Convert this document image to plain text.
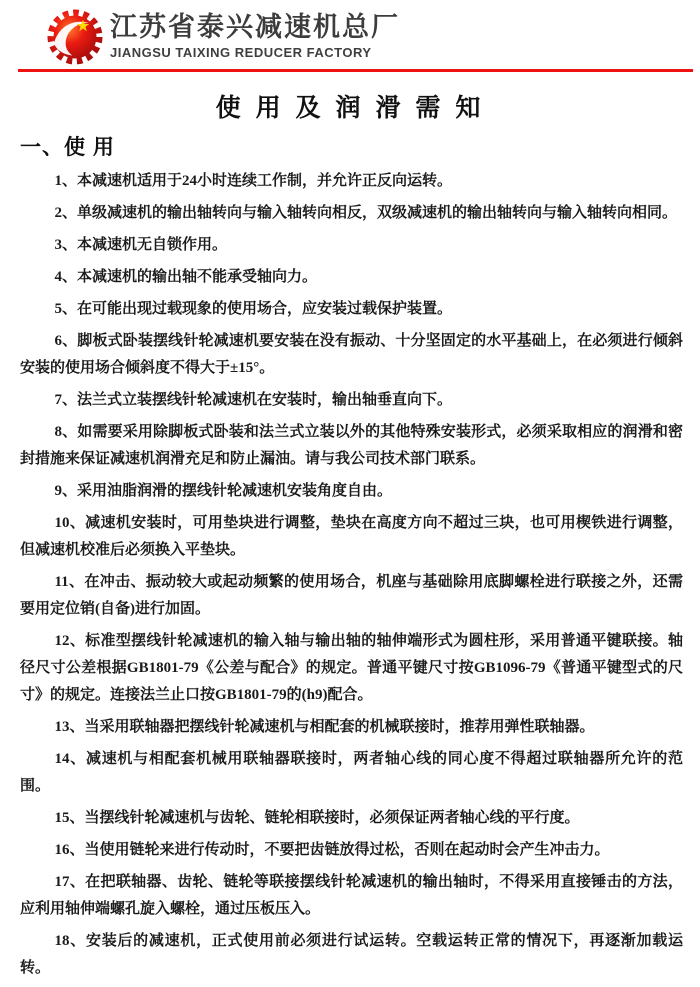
江苏省泰兴减速机总厂
JIANGSU TAIXING REDUCER FACTORY
使 用 及 润 滑 需 知
一、使 用

1、本减速机适用于24小时连续工作制，并允许正反向运转。

2、单级减速机的输出轴转向与输入轴转向相反，双级减速机的输出轴转向与输入轴转向相同。

3、本减速机无自锁作用。

4、本减速机的输出轴不能承受轴向力。

5、在可能出现过载现象的使用场合，应安装过载保护装置。

6、脚板式卧装摆线针轮减速机要安装在没有振动、十分坚固定的水平基础上，在必须进行倾斜安装的使用场合倾斜度不得大于±15°。

7、法兰式立装摆线针轮减速机在安装时，输出轴垂直向下。

8、如需要采用除脚板式卧装和法兰式立装以外的其他特殊安装形式，必须采取相应的润滑和密封措施来保证减速机润滑充足和防止漏油。请与我公司技术部门联系。

9、采用油脂润滑的摆线针轮减速机安装角度自由。

10、减速机安装时，可用垫块进行调整，垫块在高度方向不超过三块，也可用楔铁进行调整，但减速机校准后必须换入平垫块。

11、在冲击、振动较大或起动频繁的使用场合，机座与基础除用底脚螺栓进行联接之外，还需要用定位销(自备)进行加固。

12、标准型摆线针轮减速机的输入轴与输出轴的轴伸端形式为圆柱形，采用普通平键联接。轴径尺寸公差根据GB1801-79《公差与配合》的规定。普通平键尺寸按GB1096-79《普通平键型式的尺寸》的规定。连接法兰止口按GB1801-79的(h9)配合。

13、当采用联轴器把摆线针轮减速机与相配套的机械联接时，推荐用弹性联轴器。

14、减速机与相配套机械用联轴器联接时，两者轴心线的同心度不得超过联轴器所允许的范围。

15、当摆线针轮减速机与齿轮、链轮相联接时，必须保证两者轴心线的平行度。

16、当使用链轮来进行传动时，不要把齿链放得过松，否则在起动时会产生冲击力。

17、在把联轴器、齿轮、链轮等联接摆线针轮减速机的输出轴时，不得采用直接锤击的方法，应利用轴伸端螺孔旋入螺栓，通过压板压入。

18、安装后的减速机，正式使用前必须进行试运转。空载运转正常的情况下，再逐渐加载运转。
